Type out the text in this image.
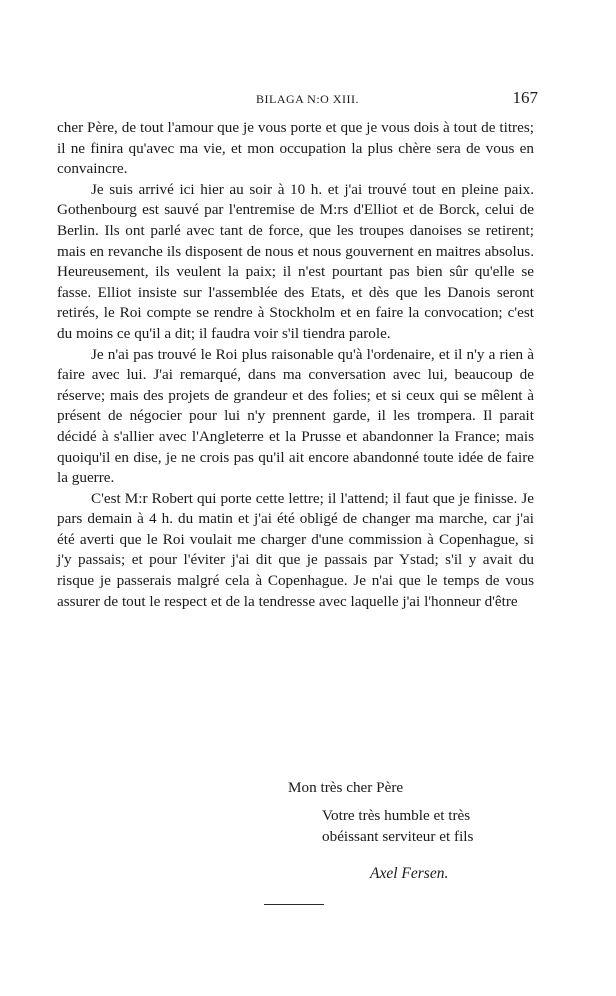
BILAGA N:O XIII.	167

cher Père, de tout l'amour que je vous porte et que je vous dois à tout de titres; il ne finira qu'avec ma vie, et mon occupation la plus chère sera de vous en convaincre.

Je suis arrivé ici hier au soir à 10 h. et j'ai trouvé tout en pleine paix. Gothenbourg est sauvé par l'entremise de M:rs d'Elliot et de Borck, celui de Berlin. Ils ont parlé avec tant de force, que les troupes danoises se retirent; mais en revanche ils disposent de nous et nous gouvernent en maitres absolus. Heureusement, ils veulent la paix; il n'est pourtant pas bien sûr qu'elle se fasse. Elliot insiste sur l'assemblée des Etats, et dès que les Danois seront retirés, le Roi compte se rendre à Stockholm et en faire la convocation; c'est du moins ce qu'il a dit; il faudra voir s'il tiendra parole.

Je n'ai pas trouvé le Roi plus raisonable qu'à l'ordenaire, et il n'y a rien à faire avec lui. J'ai remarqué, dans ma conversation avec lui, beaucoup de réserve; mais des projets de grandeur et des folies; et si ceux qui se mêlent à présent de négocier pour lui n'y prennent garde, il les trompera. Il parait décidé à s'allier avec l'Angleterre et la Prusse et abandonner la France; mais quoiqu'il en dise, je ne crois pas qu'il ait encore abandonné toute idée de faire la guerre.

C'est M:r Robert qui porte cette lettre; il l'attend; il faut que je finisse. Je pars demain à 4 h. du matin et j'ai été obligé de changer ma marche, car j'ai été averti que le Roi voulait me charger d'une commission à Copenhague, si j'y passais; et pour l'éviter j'ai dit que je passais par Ystad; s'il y avait du risque je passerais malgré cela à Copenhague. Je n'ai que le temps de vous assurer de tout le respect et de la tendresse avec laquelle j'ai l'honneur d'être

Mon très cher Père
Votre très humble et très
obéissant serviteur et fils
Axel Fersen.
